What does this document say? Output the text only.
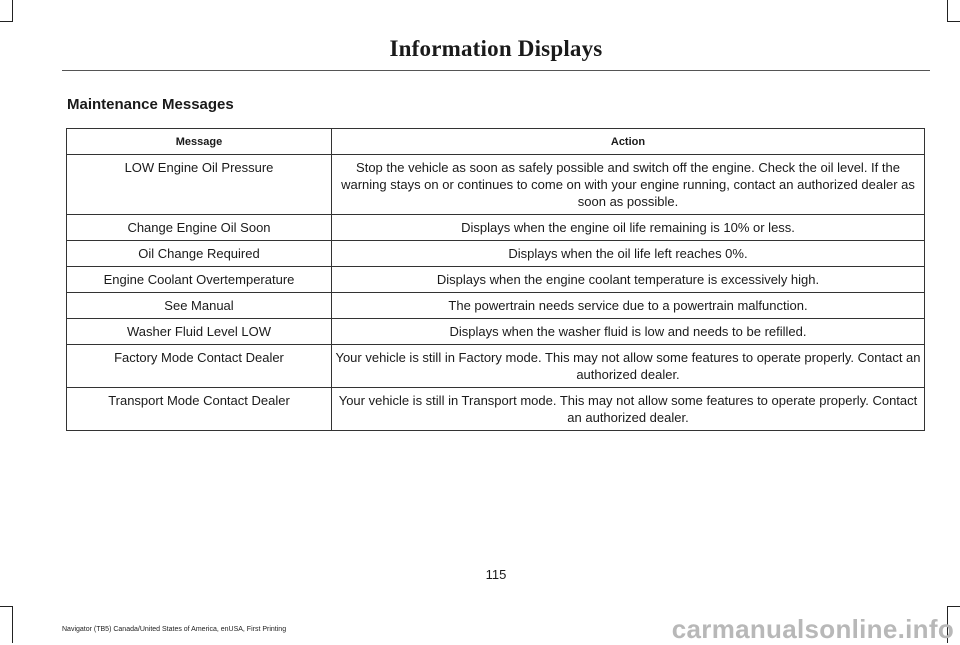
Information Displays
Maintenance Messages
Message	Action
LOW Engine Oil Pressure	Stop the vehicle as soon as safely possible and switch off the engine. Check the oil level. If the warning stays on or continues to come on with your engine running, contact an authorized dealer as soon as possible.
Change Engine Oil Soon	Displays when the engine oil life remaining is 10% or less.
Oil Change Required	Displays when the oil life left reaches 0%.
Engine Coolant Overtemperature	Displays when the engine coolant temperature is excessively high.
See Manual	The powertrain needs service due to a powertrain malfunction.
Washer Fluid Level LOW	Displays when the washer fluid is low and needs to be refilled.
Factory Mode Contact Dealer	Your vehicle is still in Factory mode. This may not allow some features to operate properly. Contact an authorized dealer.
Transport Mode Contact Dealer	Your vehicle is still in Transport mode. This may not allow some features to operate properly. Contact an authorized dealer.
115
Navigator (TB5) Canada/United States of America, enUSA, First Printing	carmanualsonline.info
